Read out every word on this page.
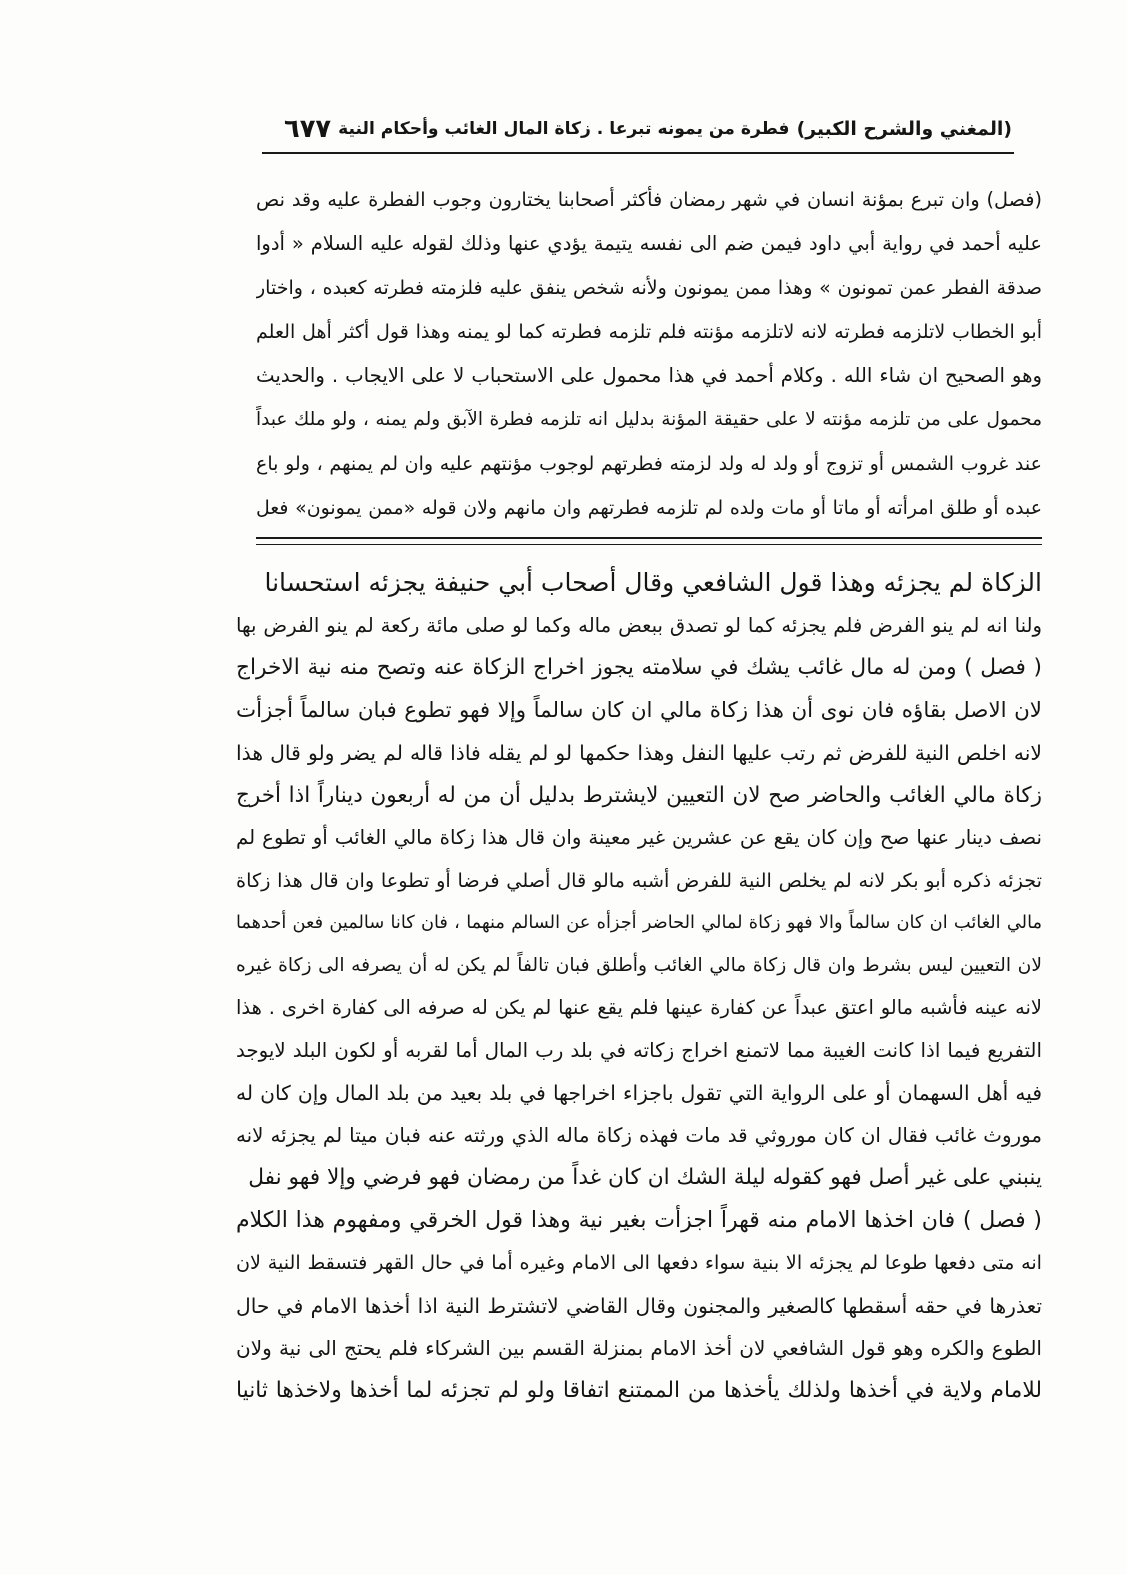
(المغني والشرح الكبير)
فطرة من يمونه تبرعا . زكاة المال الغائب وأحكام النية
٦٧٧
(فصل) وان تبرع بمؤنة انسان في شهر رمضان فأكثر أصحابنا يختارون وجوب الفطرة عليه وقد نص
عليه أحمد في رواية أبي داود فيمن ضم الى نفسه يتيمة يؤدي عنها وذلك لقوله عليه السلام « أدوا
صدقة الفطر عمن تمونون » وهذا ممن يمونون ولأنه شخص ينفق عليه فلزمته فطرته كعبده ، واختار
أبو الخطاب لاتلزمه فطرته لانه لاتلزمه مؤنته فلم تلزمه فطرته كما لو يمنه وهذا قول أكثر أهل العلم
وهو الصحيح ان شاء الله . وكلام أحمد في هذا محمول على الاستحباب لا على الايجاب . والحديث
محمول على من تلزمه مؤنته لا على حقيقة المؤنة بدليل انه تلزمه فطرة الآبق ولم يمنه ، ولو ملك عبداً
عند غروب الشمس أو تزوج أو ولد له ولد لزمته فطرتهم لوجوب مؤنتهم عليه وان لم يمنهم ، ولو باع
عبده أو طلق امرأته أو ماتا أو مات ولده لم تلزمه فطرتهم وان مانهم ولان قوله «ممن يمونون» فعل
الزكاة لم يجزئه وهذا قول الشافعي وقال أصحاب أبي حنيفة يجزئه استحسانا
ولنا انه لم ينو الفرض فلم يجزئه كما لو تصدق ببعض ماله وكما لو صلى مائة ركعة لم ينو الفرض بها
( فصل ) ومن له مال غائب يشك في سلامته يجوز اخراج الزكاة عنه وتصح منه نية الاخراج
لان الاصل بقاؤه فان نوى أن هذا زكاة مالي ان كان سالماً وإلا فهو تطوع فبان سالماً أجزأت
لانه اخلص النية للفرض ثم رتب عليها النفل وهذا حكمها لو لم يقله فاذا قاله لم يضر ولو قال هذا
زكاة مالي الغائب والحاضر صح لان التعيين لايشترط بدليل أن من له أربعون ديناراً اذا أخرج
نصف دينار عنها صح وإن كان يقع عن عشرين غير معينة وان قال هذا زكاة مالي الغائب أو تطوع لم
تجزئه ذكره أبو بكر لانه لم يخلص النية للفرض أشبه مالو قال أصلي فرضا أو تطوعا وان قال هذا زكاة
مالي الغائب ان كان سالماً والا فهو زكاة لمالي الحاضر أجزأه عن السالم منهما ، فان كانا سالمين فعن أحدهما
لان التعيين ليس بشرط وان قال زكاة مالي الغائب وأطلق فبان تالفاً لم يكن له أن يصرفه الى زكاة غيره
لانه عينه فأشبه مالو اعتق عبداً عن كفارة عينها فلم يقع عنها لم يكن له صرفه الى كفارة اخرى . هذا
التفريع فيما اذا كانت الغيبة مما لاتمنع اخراج زكاته في بلد رب المال أما لقربه أو لكون البلد لايوجد
فيه أهل السهمان أو على الرواية التي تقول باجزاء اخراجها في بلد بعيد من بلد المال وإن كان له
موروث غائب فقال ان كان موروثي قد مات فهذه زكاة ماله الذي ورثته عنه فبان ميتا لم يجزئه لانه
ينبني على غير أصل فهو كقوله ليلة الشك ان كان غداً من رمضان فهو فرضي وإلا فهو نفل
( فصل ) فان اخذها الامام منه قهراً اجزأت بغير نية وهذا قول الخرقي ومفهوم هذا الكلام
انه متى دفعها طوعا لم يجزئه الا بنية سواء دفعها الى الامام وغيره أما في حال القهر فتسقط النية لان
تعذرها في حقه أسقطها كالصغير والمجنون وقال القاضي لاتشترط النية اذا أخذها الامام في حال
الطوع والكره وهو قول الشافعي لان أخذ الامام بمنزلة القسم بين الشركاء فلم يحتج الى نية ولان
للامام ولاية في أخذها ولذلك يأخذها من الممتنع اتفاقا ولو لم تجزئه لما أخذها ولاخذها ثانيا
